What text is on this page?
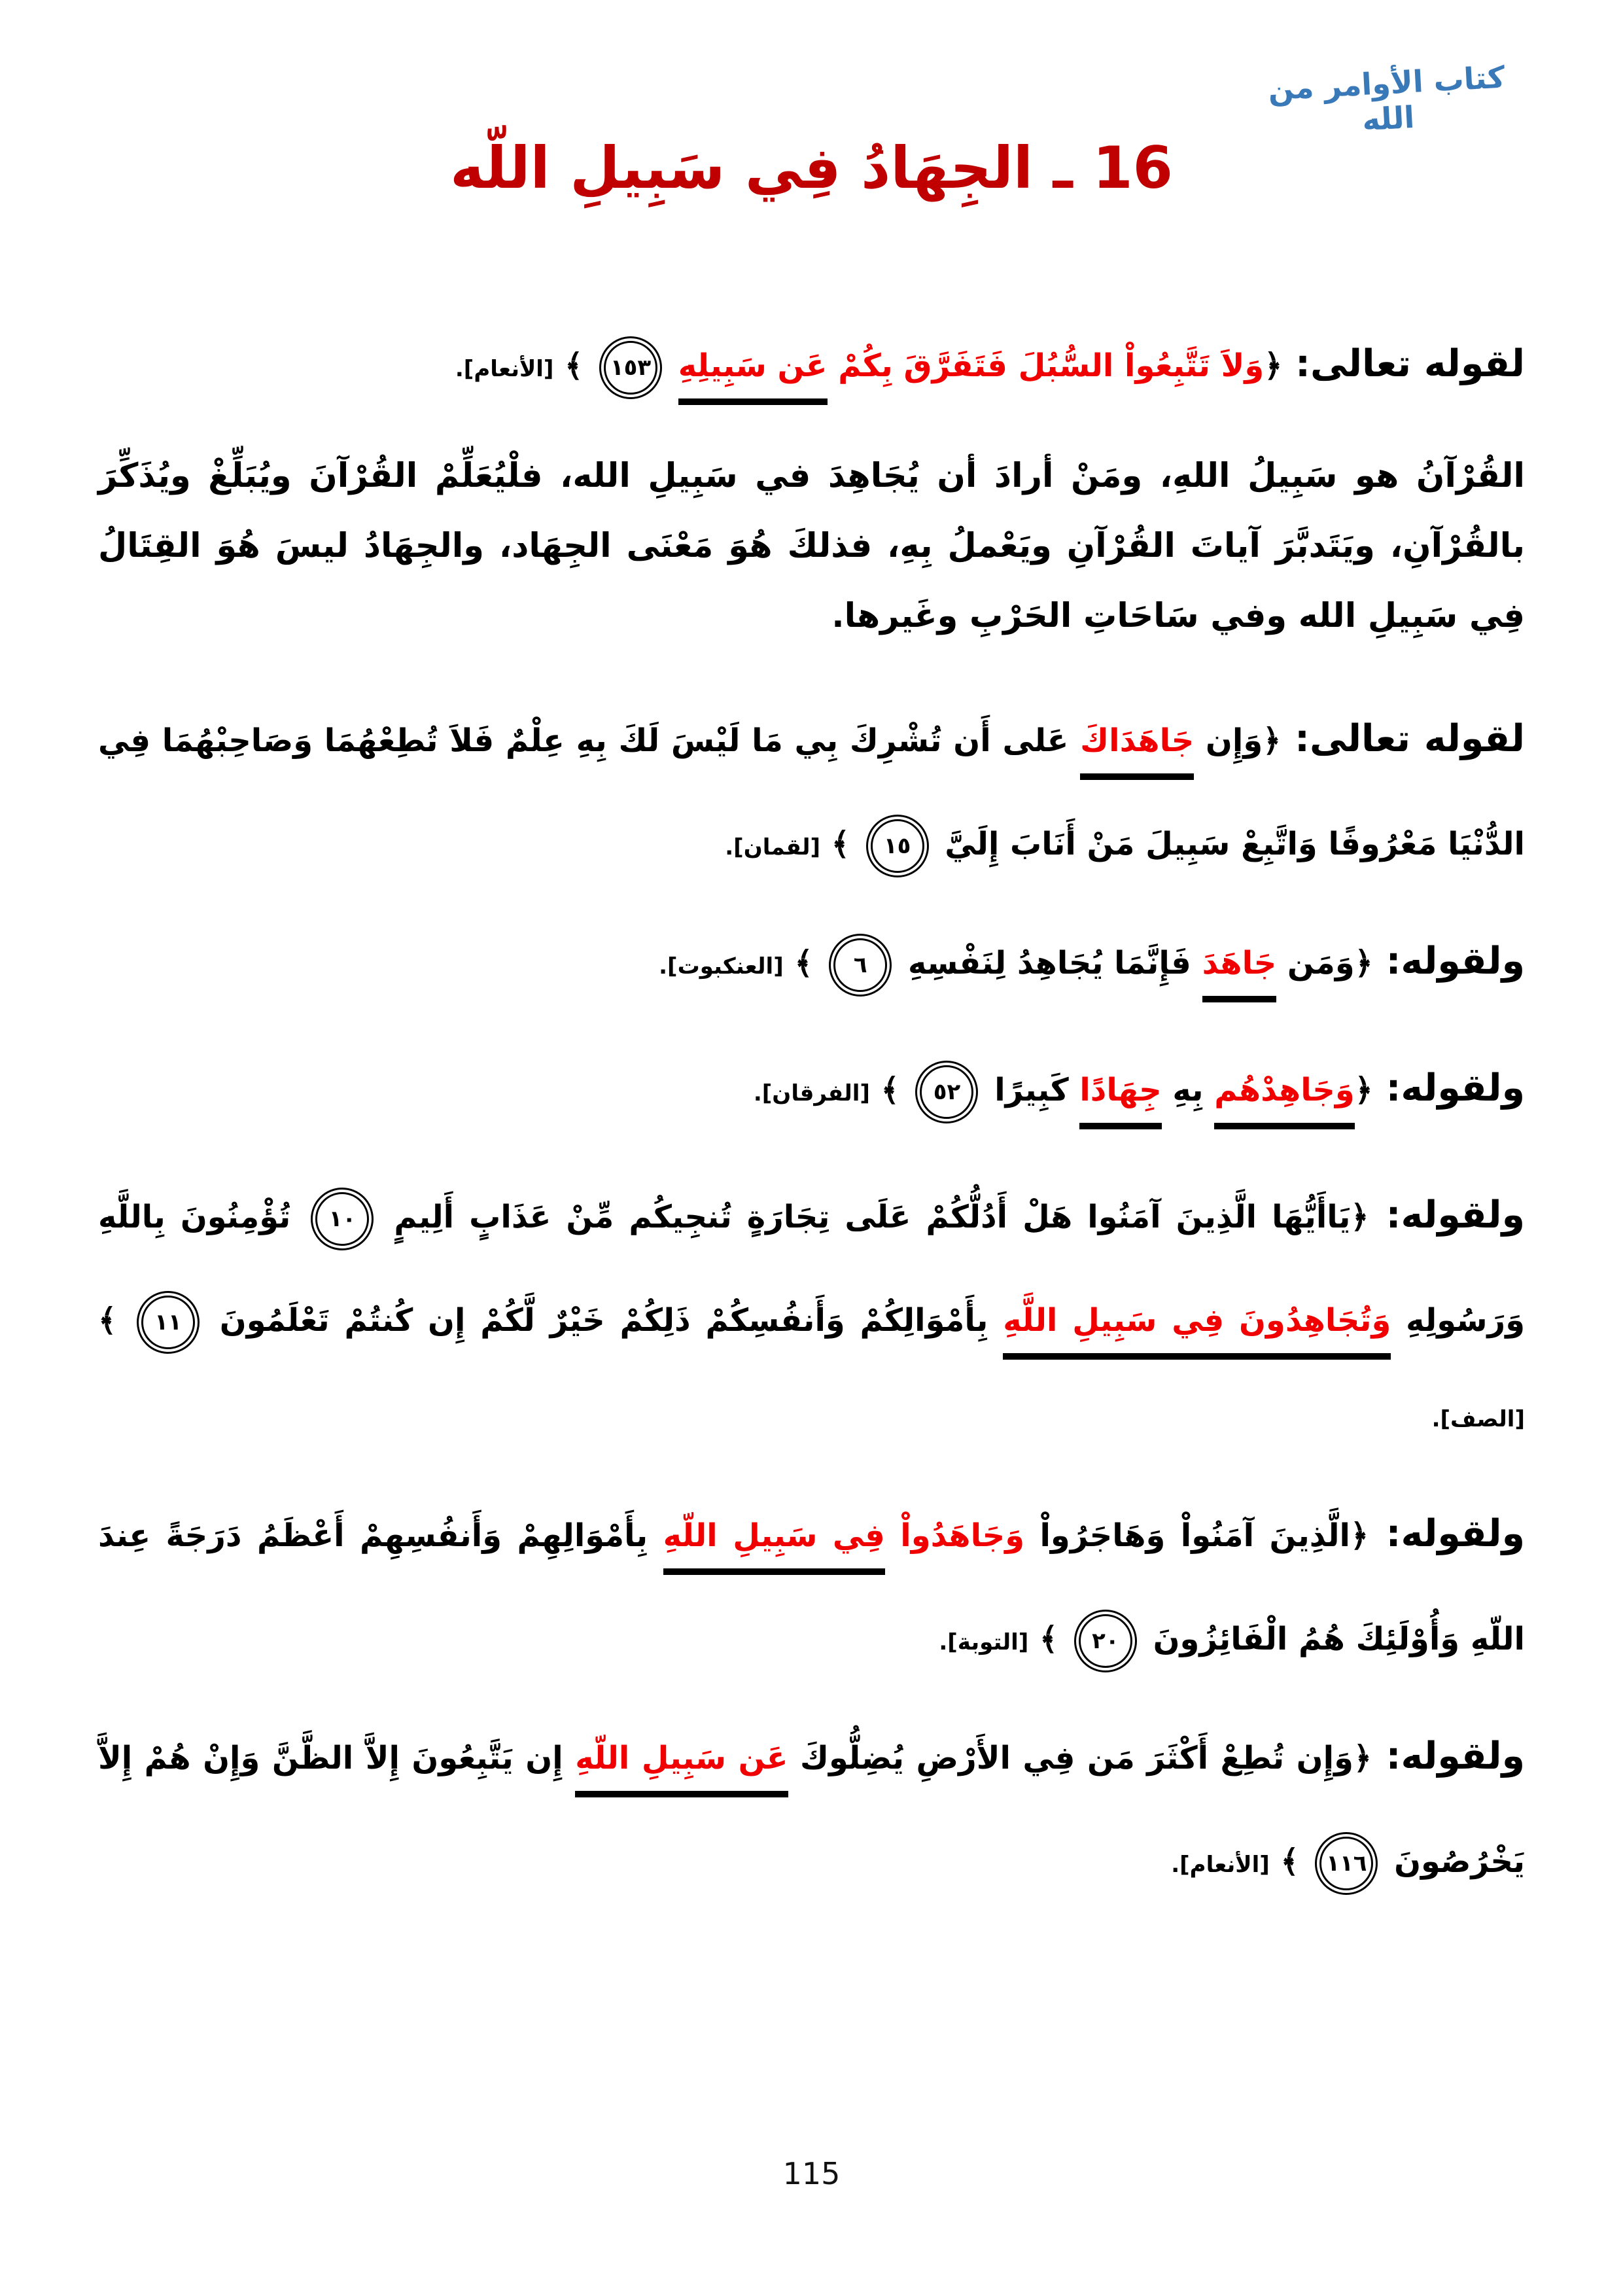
كتاب الأوامر من الله
16 ـ الجِهَادُ فِي سَبِيلِ اللّه

لقوله تعالى: ﴿وَلاَ تَتَّبِعُواْ السُّبُلَ فَتَفَرَّقَ بِكُمْ عَن سَبِيلِهِ ١٥٣ ﴾ [الأنعام].

القُرْآنُ هو سَبِيلُ اللهِ، ومَنْ أرادَ أن يُجَاهِدَ في سَبِيلِ الله، فلْيُعَلِّمْ القُرْآنَ ويُبَلِّغْ ويُذَكِّرَ بالقُرْآنِ، ويَتَدبَّرَ آياتَ القُرْآنِ ويَعْملُ بِهِ، فذلكَ هُوَ مَعْنَى الجِهَاد، والجِهَادُ ليسَ هُوَ القِتَالُ فِي سَبِيلِ الله وفي سَاحَاتِ الحَرْبِ وغَيرها.

لقوله تعالى: ﴿وَإِن جَاهَدَاكَ عَلى أَن تُشْرِكَ بِي مَا لَيْسَ لَكَ بِهِ عِلْمٌ فَلاَ تُطِعْهُمَا وَصَاحِبْهُمَا فِي الدُّنْيَا مَعْرُوفًا وَاتَّبِعْ سَبِيلَ مَنْ أَنَابَ إِلَيَّ ١٥ ﴾ [لقمان].

ولقوله: ﴿وَمَن جَاهَدَ فَإِنَّمَا يُجَاهِدُ لِنَفْسِهِ ٦ ﴾ [العنكبوت].

ولقوله: ﴿وَجَاهِدْهُم بِهِ جِهَادًا كَبِيرًا ٥٢ ﴾ [الفرقان].

ولقوله: ﴿يَاأَيُّهَا الَّذِينَ آمَنُوا هَلْ أَدُلُّكُمْ عَلَى تِجَارَةٍ تُنجِيكُم مِّنْ عَذَابٍ أَلِيمٍ ١٠ تُؤْمِنُونَ بِاللَّهِ وَرَسُولِهِ وَتُجَاهِدُونَ فِي سَبِيلِ اللَّهِ بِأَمْوَالِكُمْ وَأَنفُسِكُمْ ذَلِكُمْ خَيْرٌ لَّكُمْ إِن كُنتُمْ تَعْلَمُونَ ١١ ﴾ [الصف].

ولقوله: ﴿الَّذِينَ آمَنُواْ وَهَاجَرُواْ وَجَاهَدُواْ فِي سَبِيلِ اللّهِ بِأَمْوَالِهِمْ وَأَنفُسِهِمْ أَعْظَمُ دَرَجَةً عِندَ اللّهِ وَأُوْلَئِكَ هُمُ الْفَائِزُونَ ٢٠ ﴾ [التوبة].

ولقوله: ﴿وَإِن تُطِعْ أَكْثَرَ مَن فِي الأَرْضِ يُضِلُّوكَ عَن سَبِيلِ اللّهِ إِن يَتَّبِعُونَ إِلاَّ الظَّنَّ وَإِنْ هُمْ إِلاَّ يَخْرُصُونَ ١١٦ ﴾ [الأنعام].

115
